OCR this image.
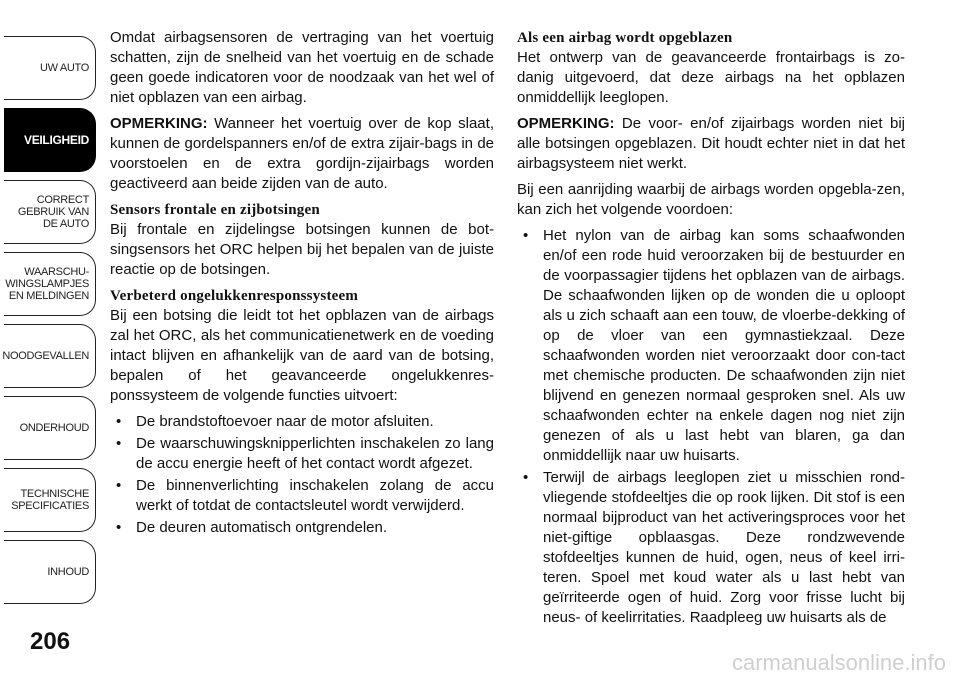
UW AUTO
VEILIGHEID
CORRECT
GEBRUIK VAN
DE AUTO
WAARSCHU-
WINGSLAMPJES
EN MELDINGEN
NOODGEVALLEN
ONDERHOUD
TECHNISCHE
SPECIFICATIES
INHOUD
206

Omdat airbagsensoren de vertraging van het voertuig schatten, zijn de snelheid van het voertuig en de schade geen goede indicatoren voor de noodzaak van het wel of niet opblazen van een airbag.

OPMERKING: Wanneer het voertuig over de kop slaat, kunnen de gordelspanners en/of de extra zijair-bags in de voorstoelen en de extra gordijn-zijairbags worden geactiveerd aan beide zijden van de auto.

Sensors frontale en zijbotsingen

Bij frontale en zijdelingse botsingen kunnen de bot-singsensors het ORC helpen bij het bepalen van de juiste reactie op de botsingen.

Verbeterd ongelukkenresponssysteem

Bij een botsing die leidt tot het opblazen van de airbags zal het ORC, als het communicatienetwerk en de voeding intact blijven en afhankelijk van de aard van de botsing, bepalen of het geavanceerde ongelukkenres-ponssysteem de volgende functies uitvoert:

• De brandstoftoevoer naar de motor afsluiten.
• De waarschuwingsknipperlichten inschakelen zo lang de accu energie heeft of het contact wordt afgezet.
• De binnenverlichting inschakelen zolang de accu werkt of totdat de contactsleutel wordt verwijderd.
• De deuren automatisch ontgrendelen.
Als een airbag wordt opgeblazen

Het ontwerp van de geavanceerde frontairbags is zo-danig uitgevoerd, dat deze airbags na het opblazen onmiddellijk leeglopen.

OPMERKING: De voor- en/of zijairbags worden niet bij alle botsingen opgeblazen. Dit houdt echter niet in dat het airbagsysteem niet werkt.

Bij een aanrijding waarbij de airbags worden opgebla-zen, kan zich het volgende voordoen:

• Het nylon van de airbag kan soms schaafwonden en/of een rode huid veroorzaken bij de bestuurder en de voorpassagier tijdens het opblazen van de airbags. De schaafwonden lijken op de wonden die u oploopt als u zich schaaft aan een touw, de vloerbe-dekking of op de vloer van een gymnastiekzaal. Deze schaafwonden worden niet veroorzaakt door con-tact met chemische producten. De schaafwonden zijn niet blijvend en genezen normaal gesproken snel. Als uw schaafwonden echter na enkele dagen nog niet zijn genezen of als u last hebt van blaren, ga dan onmiddellijk naar uw huisarts.
• Terwijl de airbags leeglopen ziet u misschien rond-vliegende stofdeeltjes die op rook lijken. Dit stof is een normaal bijproduct van het activeringsproces voor het niet-giftige opblaasgas. Deze rondzwevende stofdeeltjes kunnen de huid, ogen, neus of keel irri-teren. Spoel met koud water als u last hebt van geïrriteerde ogen of huid. Zorg voor frisse lucht bij neus- of keelirritaties. Raadpleeg uw huisarts als de
carmanualsonline.info
